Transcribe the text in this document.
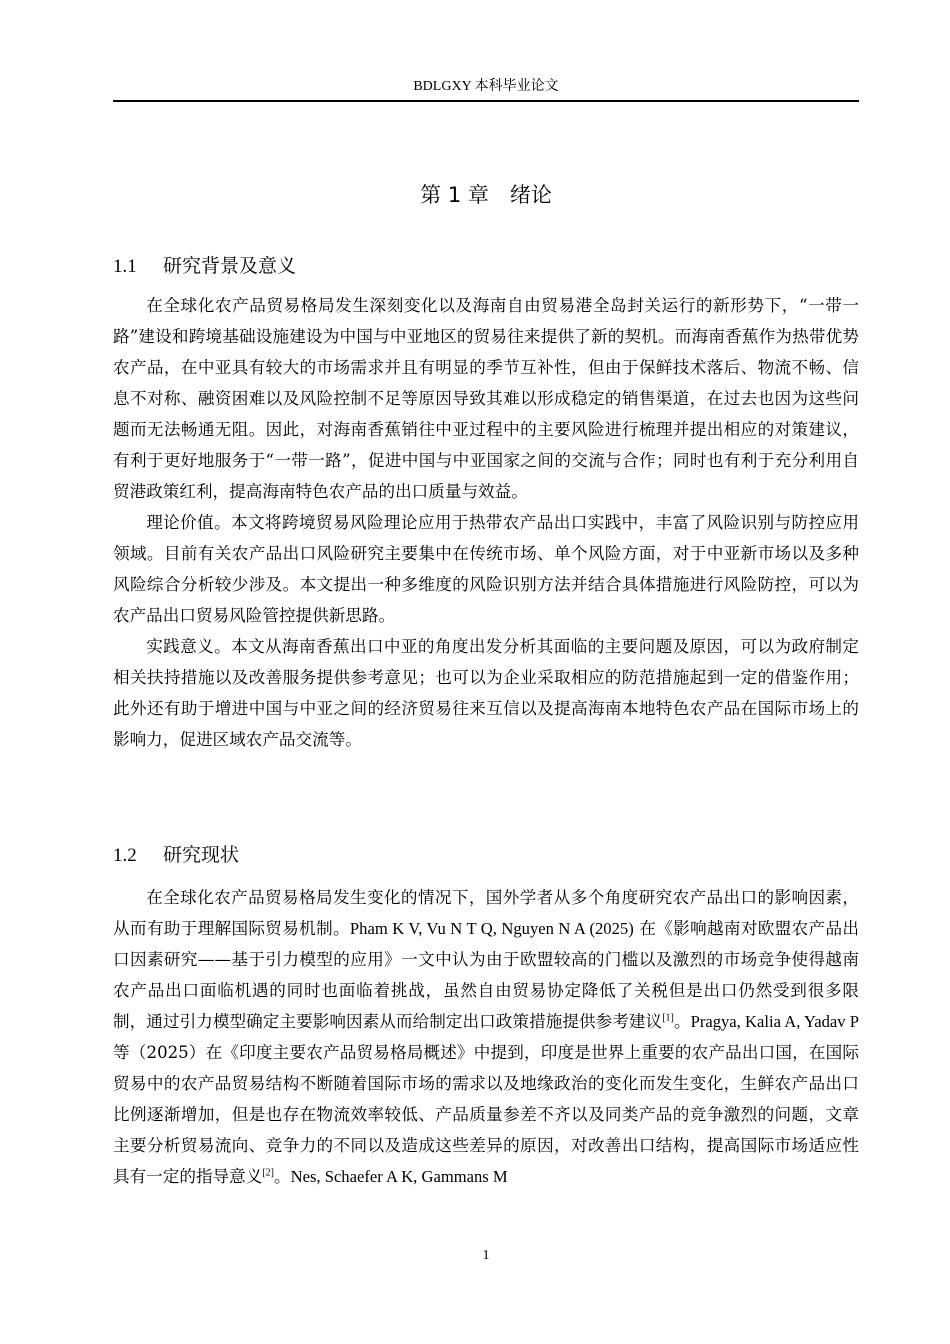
BDLGXY 本科毕业论文
第 1 章　绪论
1.1 研究背景及意义

在全球化农产品贸易格局发生深刻变化以及海南自由贸易港全岛封关运行的新形势下，“一带一路”建设和跨境基础设施建设为中国与中亚地区的贸易往来提供了新的契机。而海南香蕉作为热带优势农产品，在中亚具有较大的市场需求并且有明显的季节互补性，但由于保鲜技术落后、物流不畅、信息不对称、融资困难以及风险控制不足等原因导致其难以形成稳定的销售渠道，在过去也因为这些问题而无法畅通无阻。因此，对海南香蕉销往中亚过程中的主要风险进行梳理并提出相应的对策建议，有利于更好地服务于“一带一路”，促进中国与中亚国家之间的交流与合作；同时也有利于充分利用自贸港政策红利，提高海南特色农产品的出口质量与效益。

理论价值。本文将跨境贸易风险理论应用于热带农产品出口实践中，丰富了风险识别与防控应用领域。目前有关农产品出口风险研究主要集中在传统市场、单个风险方面，对于中亚新市场以及多种风险综合分析较少涉及。本文提出一种多维度的风险识别方法并结合具体措施进行风险防控，可以为农产品出口贸易风险管控提供新思路。

实践意义。本文从海南香蕉出口中亚的角度出发分析其面临的主要问题及原因，可以为政府制定相关扶持措施以及改善服务提供参考意见；也可以为企业采取相应的防范措施起到一定的借鉴作用；此外还有助于增进中国与中亚之间的经济贸易往来互信以及提高海南本地特色农产品在国际市场上的影响力，促进区域农产品交流等。

1.2 研究现状

在全球化农产品贸易格局发生变化的情况下，国外学者从多个角度研究农产品出口的影响因素，从而有助于理解国际贸易机制。Pham K V, Vu N T Q, Nguyen N A (2025) 在《影响越南对欧盟农产品出口因素研究——基于引力模型的应用》一文中认为由于欧盟较高的门槛以及激烈的市场竞争使得越南农产品出口面临机遇的同时也面临着挑战，虽然自由贸易协定降低了关税但是出口仍然受到很多限制，通过引力模型确定主要影响因素从而给制定出口政策措施提供参考建议[1]。Pragya, Kalia A, Yadav P 等（2025）在《印度主要农产品贸易格局概述》中提到，印度是世界上重要的农产品出口国，在国际贸易中的农产品贸易结构不断随着国际市场的需求以及地缘政治的变化而发生变化，生鲜农产品出口比例逐渐增加，但是也存在物流效率较低、产品质量参差不齐以及同类产品的竞争激烈的问题，文章主要分析贸易流向、竞争力的不同以及造成这些差异的原因，对改善出口结构，提高国际市场适应性具有一定的指导意义[2]。Nes, Schaefer A K, Gammans M

1
